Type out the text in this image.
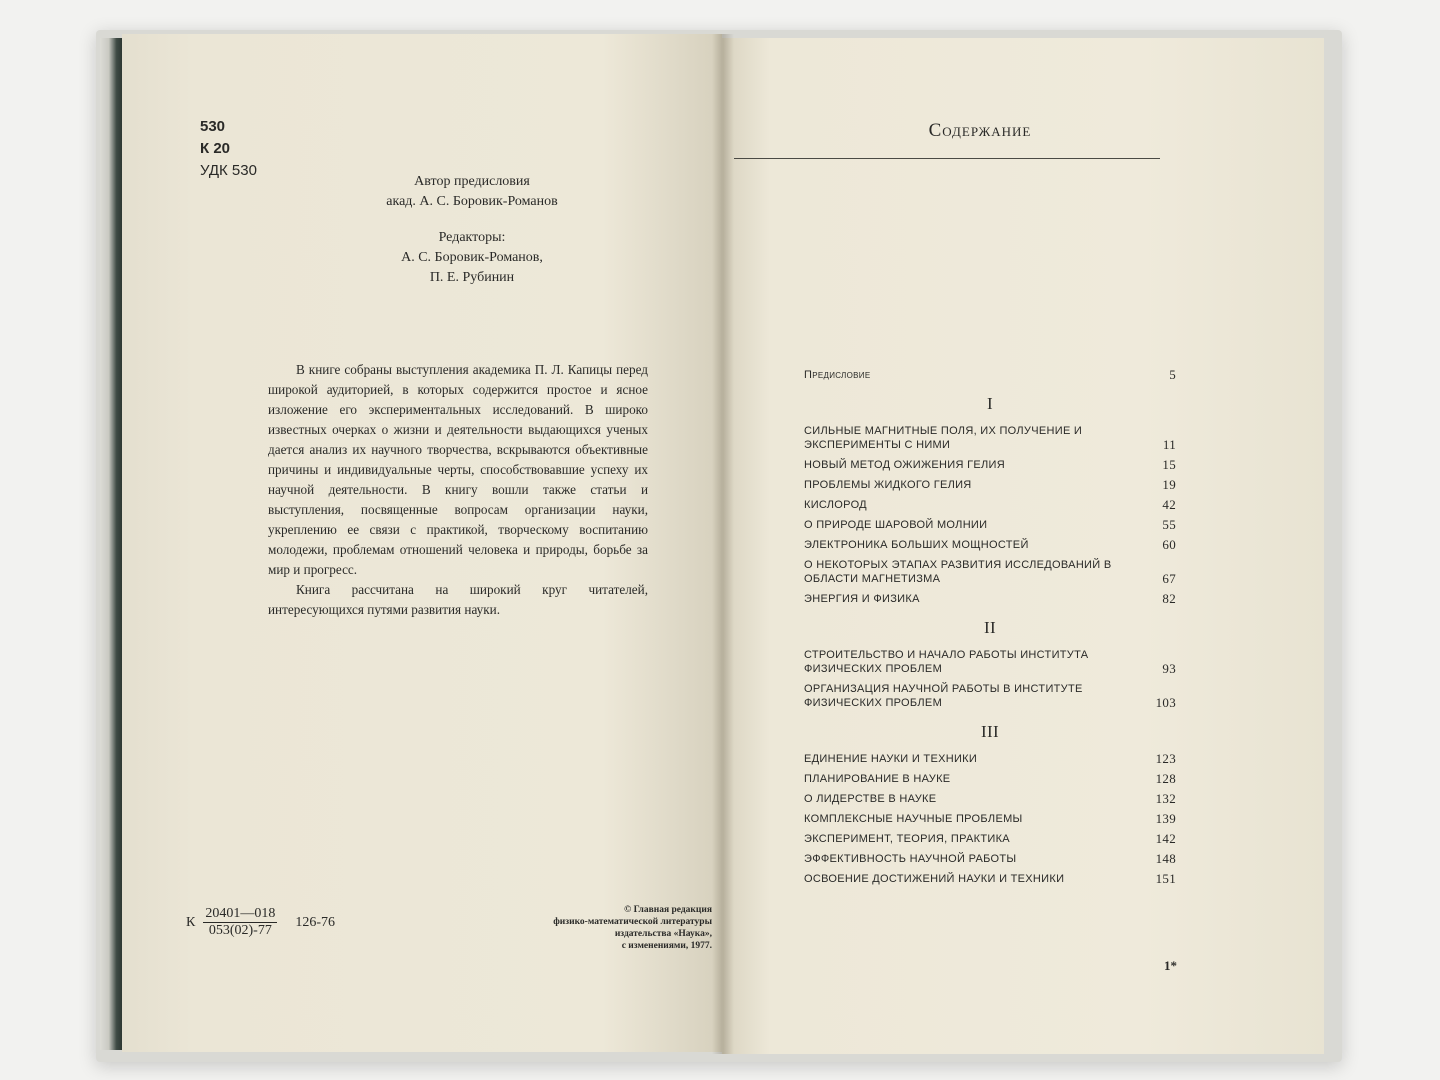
530
К 20
УДК 530
Автор предисловия
акад. А. С. Боровик-Романов
Редакторы:
А. С. Боровик-Романов,
П. Е. Рубинин

В книге собраны выступления академика П. Л. Капицы перед широкой аудиторией, в которых содержится простое и ясное изложение его экспериментальных исследований. В широко известных очерках о жизни и деятельности выдающихся ученых дается анализ их научного творчества, вскрываются объективные причины и индивидуальные черты, способствовавшие успеху их научной деятельности. В книгу вошли также статьи и выступления, посвященные вопросам организации науки, укреплению ее связи с практикой, творческому воспитанию молодежи, проблемам отношений человека и природы, борьбе за мир и прогресс.

Книга рассчитана на широкий круг читателей, интересующихся путями развития науки.

К $\frac{20401—018}{053(02)-77} 126-76$
© Главная редакция
физико-математической литературы
издательства «Наука»,
с изменениями, 1977.
Содержание
Предисловие	5
I
СИЛЬНЫЕ МАГНИТНЫЕ ПОЛЯ, ИХ ПОЛУЧЕНИЕ И ЭКСПЕРИМЕНТЫ С НИМИ	11
НОВЫЙ МЕТОД ОЖИЖЕНИЯ ГЕЛИЯ	15
ПРОБЛЕМЫ ЖИДКОГО ГЕЛИЯ	19
КИСЛОРОД	42
О ПРИРОДЕ ШАРОВОЙ МОЛНИИ	55
ЭЛЕКТРОНИКА БОЛЬШИХ МОЩНОСТЕЙ	60
О НЕКОТОРЫХ ЭТАПАХ РАЗВИТИЯ ИССЛЕДОВАНИЙ В ОБЛАСТИ МАГНЕТИЗМА	67
ЭНЕРГИЯ И ФИЗИКА	82
II
СТРОИТЕЛЬСТВО И НАЧАЛО РАБОТЫ ИНСТИТУТА ФИЗИЧЕСКИХ ПРОБЛЕМ	93
ОРГАНИЗАЦИЯ НАУЧНОЙ РАБОТЫ В ИНСТИТУТЕ ФИЗИЧЕСКИХ ПРОБЛЕМ	103
III
ЕДИНЕНИЕ НАУКИ И ТЕХНИКИ	123
ПЛАНИРОВАНИЕ В НАУКЕ	128
О ЛИДЕРСТВЕ В НАУКЕ	132
КОМПЛЕКСНЫЕ НАУЧНЫЕ ПРОБЛЕМЫ	139
ЭКСПЕРИМЕНТ, ТЕОРИЯ, ПРАКТИКА	142
ЭФФЕКТИВНОСТЬ НАУЧНОЙ РАБОТЫ	148
ОСВОЕНИЕ ДОСТИЖЕНИЙ НАУКИ И ТЕХНИКИ	151
1*
